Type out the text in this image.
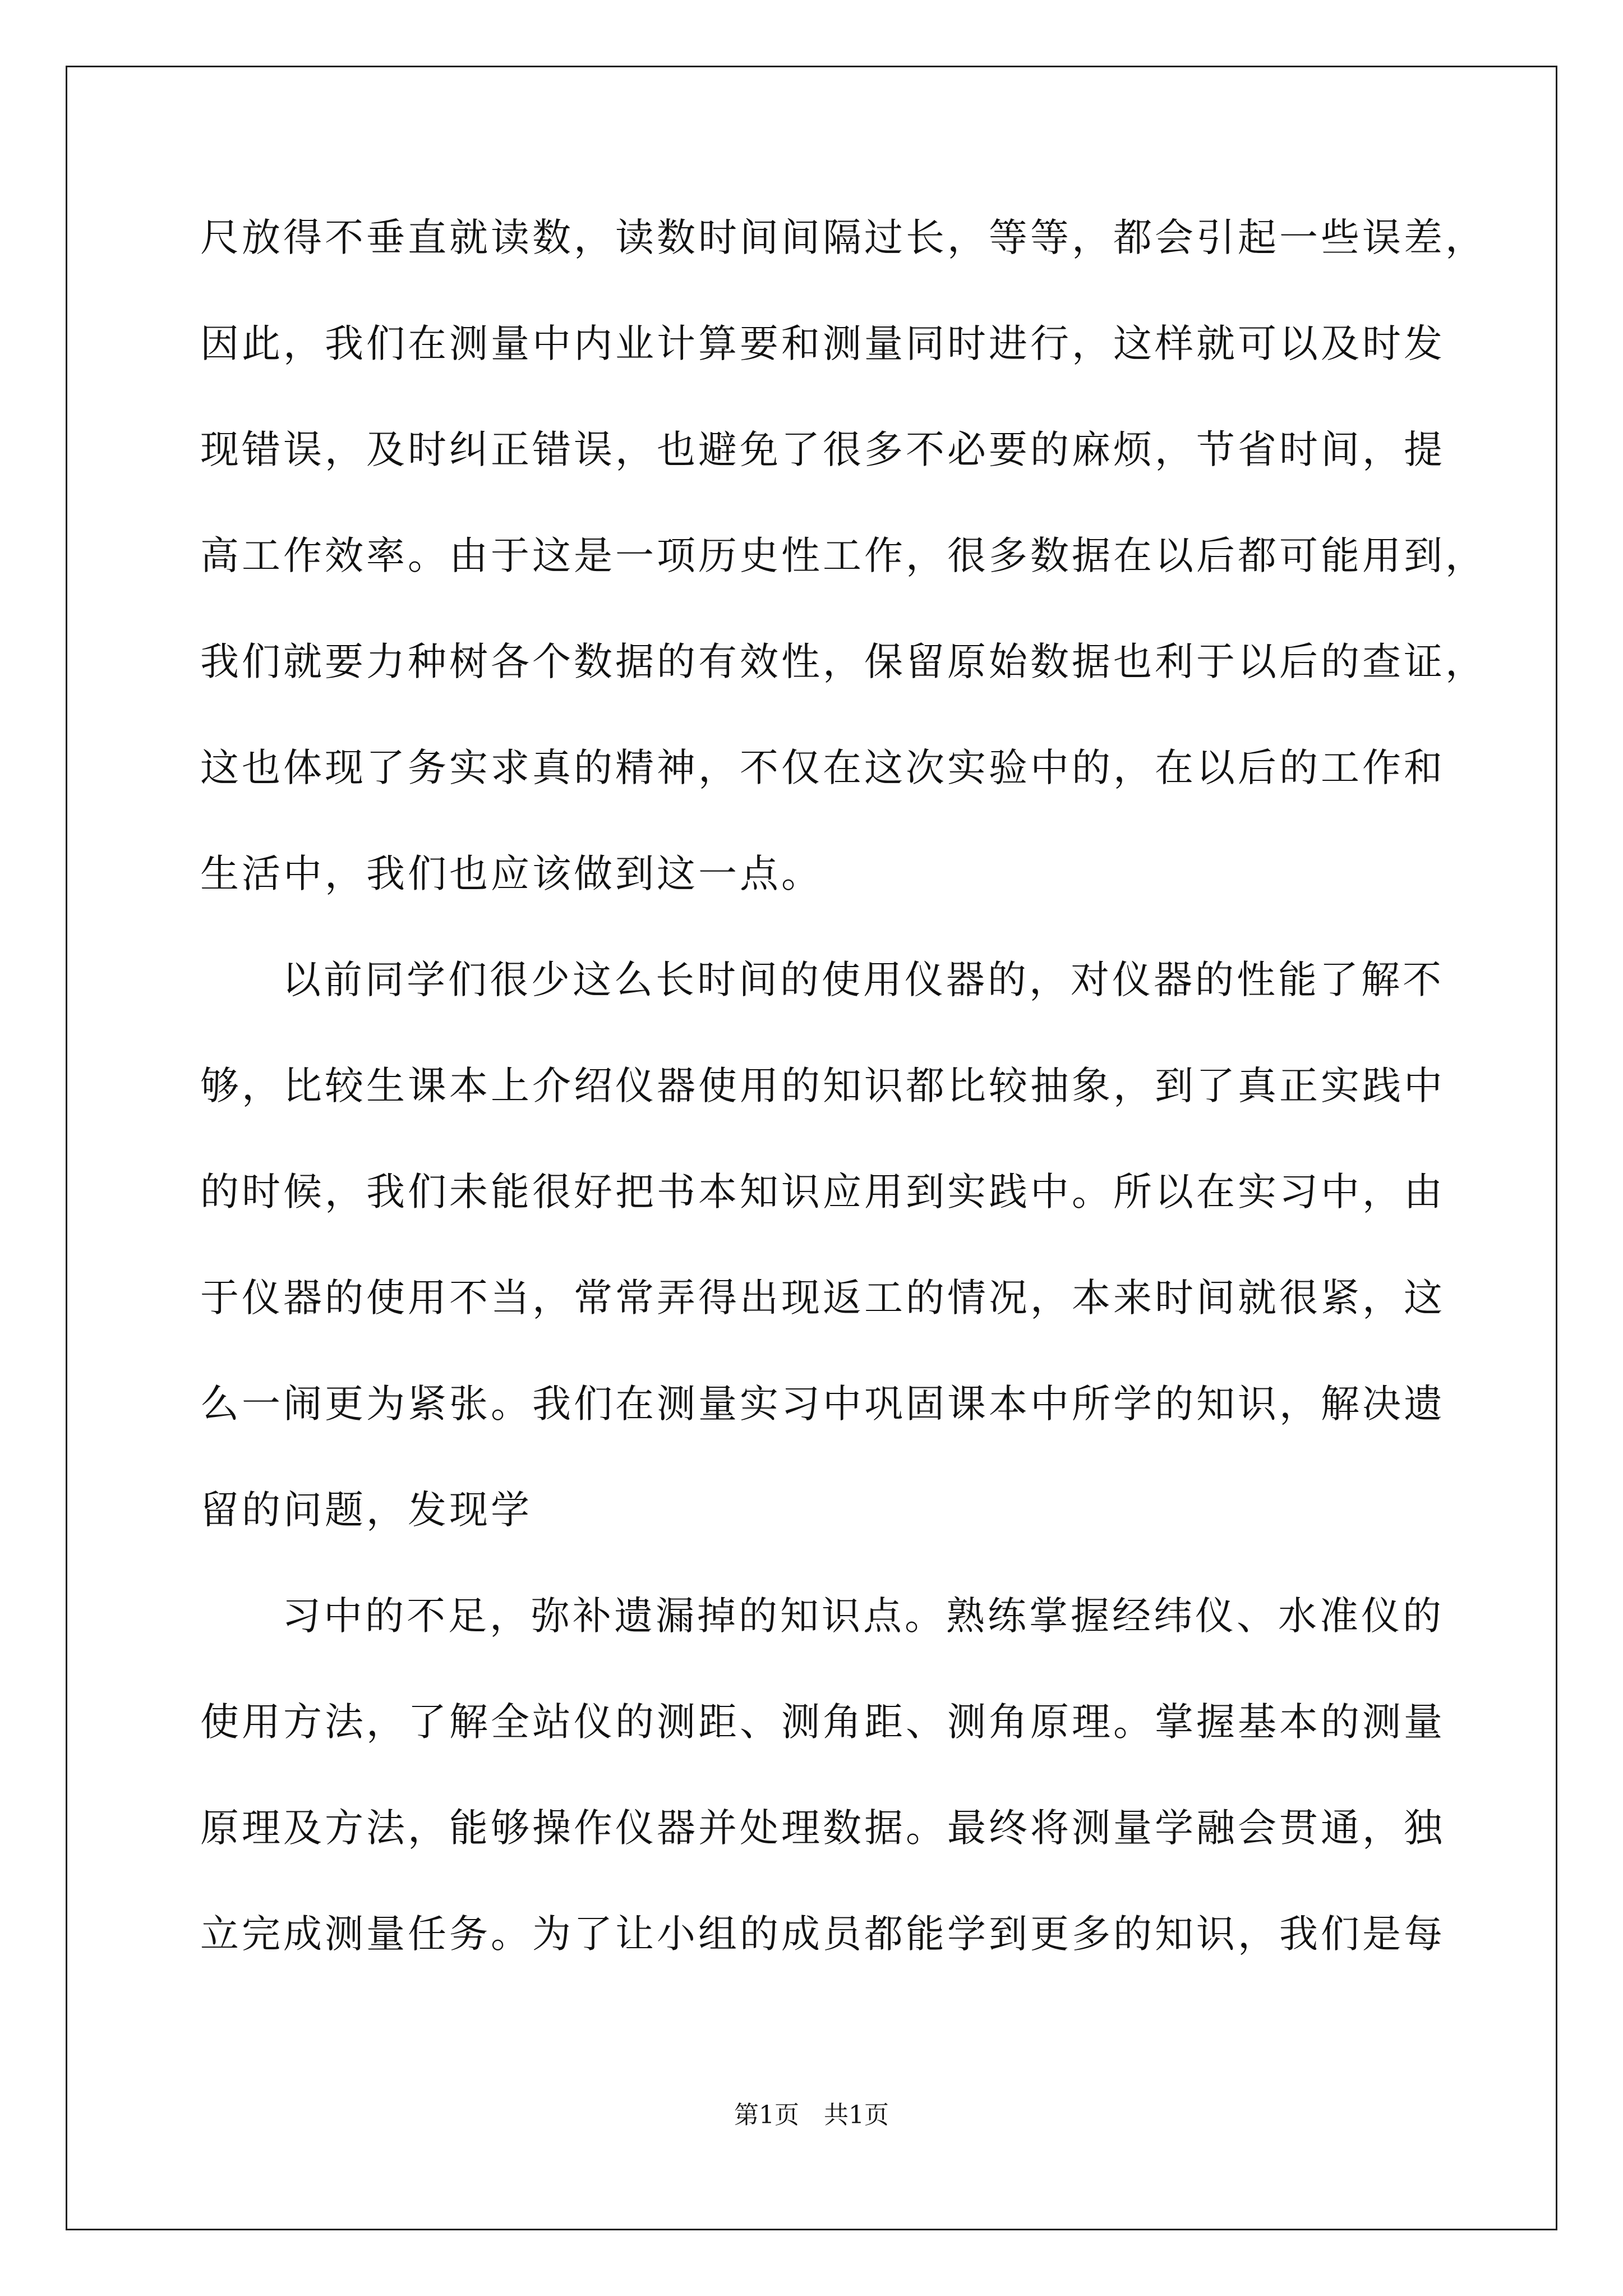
尺放得不垂直就读数，读数时间间隔过长，等等，都会引起一些误差，
因此，我们在测量中内业计算要和测量同时进行，这样就可以及时发
现错误，及时纠正错误，也避免了很多不必要的麻烦，节省时间，提
高工作效率。由于这是一项历史性工作，很多数据在以后都可能用到，
我们就要力种树各个数据的有效性，保留原始数据也利于以后的查证，
这也体现了务实求真的精神，不仅在这次实验中的，在以后的工作和
生活中，我们也应该做到这一点。
以前同学们很少这么长时间的使用仪器的，对仪器的性能了解不
够，比较生课本上介绍仪器使用的知识都比较抽象，到了真正实践中
的时候，我们未能很好把书本知识应用到实践中。所以在实习中，由
于仪器的使用不当，常常弄得出现返工的情况，本来时间就很紧，这
么一闹更为紧张。我们在测量实习中巩固课本中所学的知识，解决遗
留的问题，发现学
习中的不足，弥补遗漏掉的知识点。熟练掌握经纬仪、水准仪的
使用方法，了解全站仪的测距、测角距、测角原理。掌握基本的测量
原理及方法，能够操作仪器并处理数据。最终将测量学融会贯通，独
立完成测量任务。为了让小组的成员都能学到更多的知识，我们是每
第1页　共1页
